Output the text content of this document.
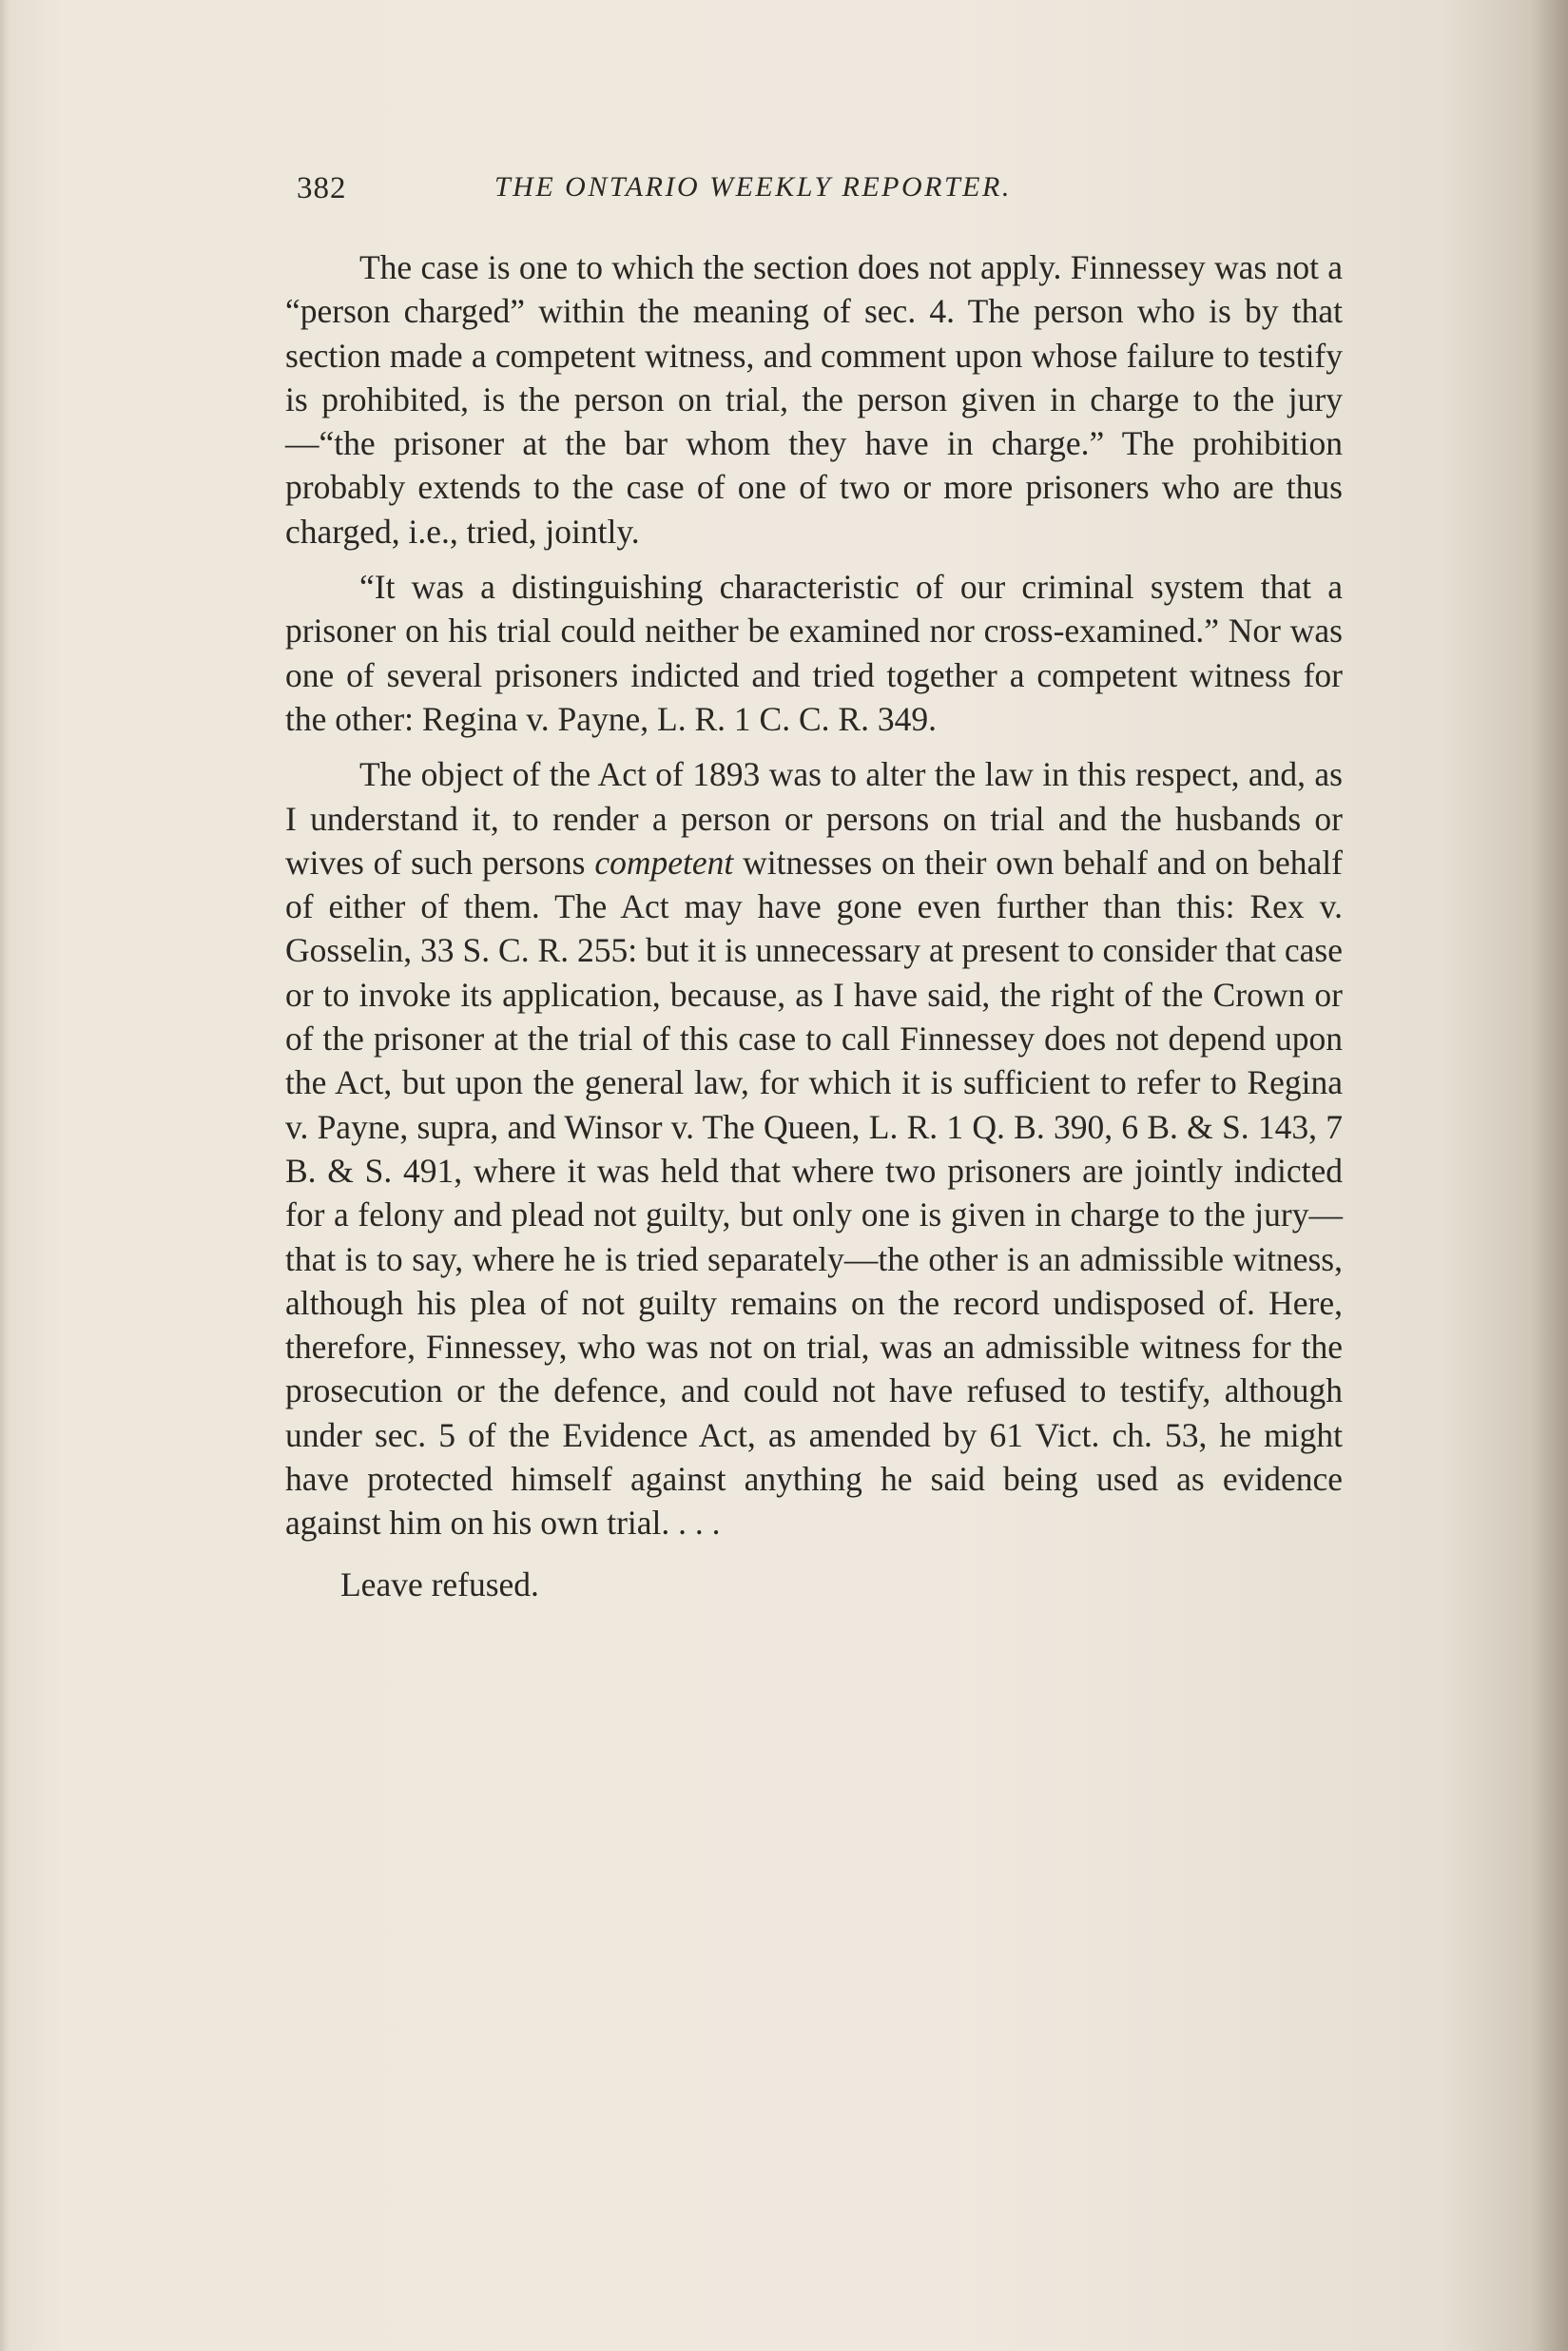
382	THE ONTARIO WEEKLY REPORTER.

The case is one to which the section does not apply. Finnessey was not a “person charged” within the meaning of sec. 4. The person who is by that section made a competent witness, and comment upon whose failure to testify is prohibited, is the person on trial, the person given in charge to the jury—“the prisoner at the bar whom they have in charge.” The prohibition probably extends to the case of one of two or more prisoners who are thus charged, i.e., tried, jointly.

“It was a distinguishing characteristic of our criminal system that a prisoner on his trial could neither be examined nor cross-examined.” Nor was one of several prisoners indicted and tried together a competent witness for the other: Regina v. Payne, L. R. 1 C. C. R. 349.

The object of the Act of 1893 was to alter the law in this respect, and, as I understand it, to render a person or persons on trial and the husbands or wives of such persons competent witnesses on their own behalf and on behalf of either of them. The Act may have gone even further than this: Rex v. Gosselin, 33 S. C. R. 255: but it is unnecessary at present to consider that case or to invoke its application, because, as I have said, the right of the Crown or of the prisoner at the trial of this case to call Finnessey does not depend upon the Act, but upon the general law, for which it is sufficient to refer to Regina v. Payne, supra, and Winsor v. The Queen, L. R. 1 Q. B. 390, 6 B. & S. 143, 7 B. & S. 491, where it was held that where two prisoners are jointly indicted for a felony and plead not guilty, but only one is given in charge to the jury—that is to say, where he is tried separately—the other is an admissible witness, although his plea of not guilty remains on the record undisposed of. Here, therefore, Finnessey, who was not on trial, was an admissible witness for the prosecution or the defence, and could not have refused to testify, although under sec. 5 of the Evidence Act, as amended by 61 Vict. ch. 53, he might have protected himself against anything he said being used as evidence against him on his own trial. . . .

Leave refused.
